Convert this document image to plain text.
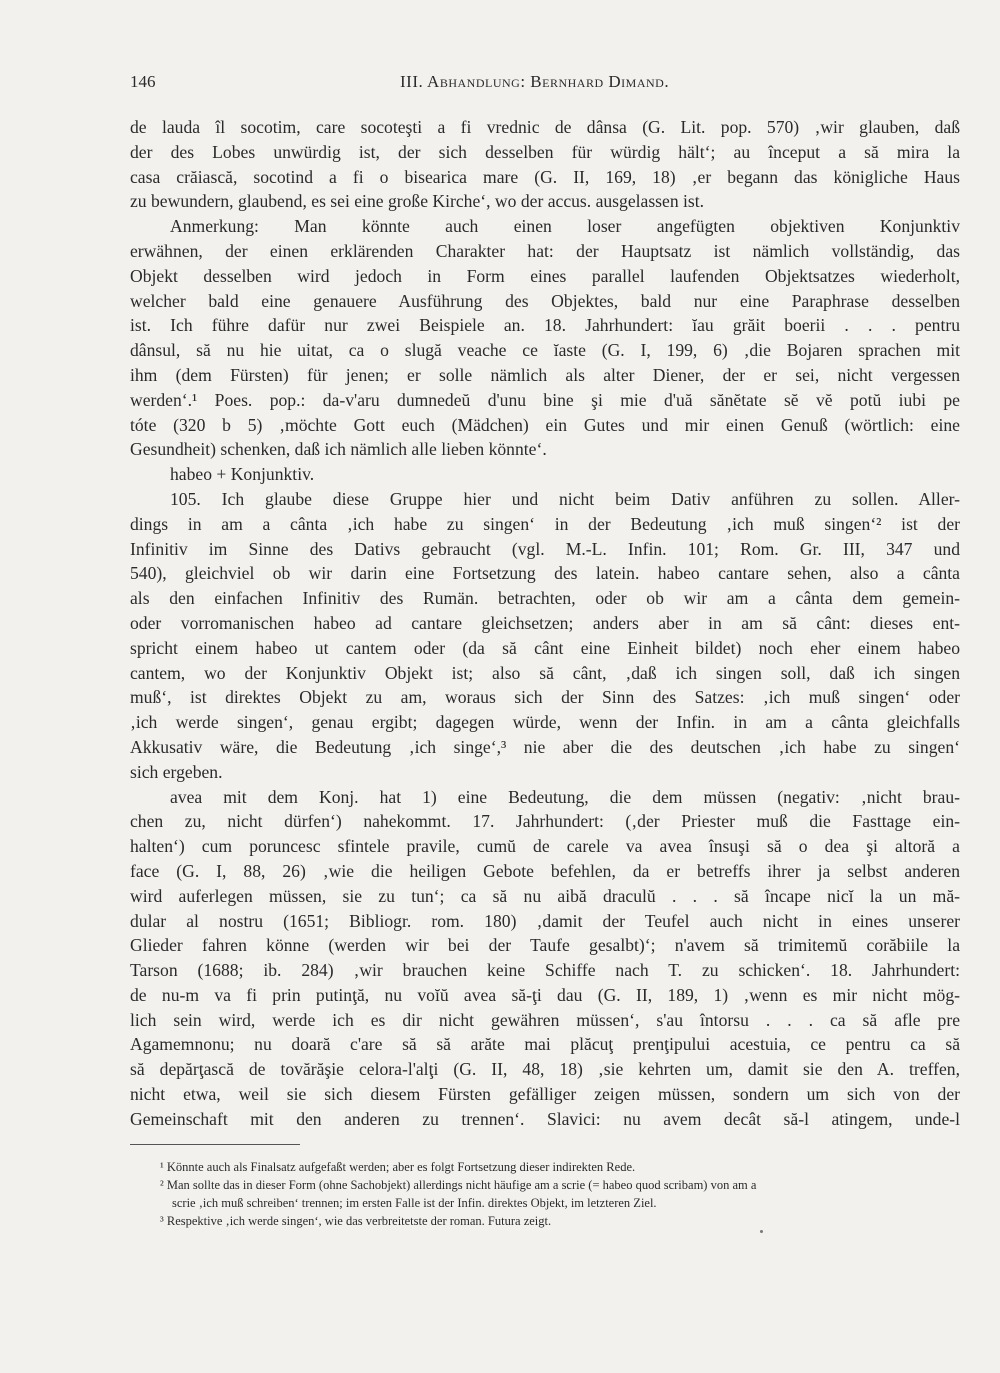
146	III. Abhandlung: Bernhard Dimand.
de lauda îl socotim, care socoteşti a fi vrednic de dânsa (G. Lit. pop. 570) ‚wir glauben, daß
der des Lobes unwürdig ist, der sich desselben für würdig hält‘; au început a să mira la
casa crăiască, socotind a fi o bisearica mare (G. II, 169, 18) ‚er begann das königliche Haus
zu bewundern, glaubend, es sei eine große Kirche‘, wo der accus. ausgelassen ist.
Anmerkung: Man könnte auch einen loser angefügten objektiven Konjunktiv
erwähnen, der einen erklärenden Charakter hat: der Hauptsatz ist nämlich vollständig, das
Objekt desselben wird jedoch in Form eines parallel laufenden Objektsatzes wiederholt,
welcher bald eine genauere Ausführung des Objektes, bald nur eine Paraphrase desselben
ist. Ich führe dafür nur zwei Beispiele an. 18. Jahrhundert: ĭau grăit boerii . . . pentru
dânsul, să nu hie uitat, ca o slugă veache ce ĭaste (G. I, 199, 6) ‚die Bojaren sprachen mit
ihm (dem Fürsten) für jenen; er solle nämlich als alter Diener, der er sei, nicht vergessen
werden‘.¹ Poes. pop.: da-v'aru dumnedeŭ d'unu bine şi mie d'uă sănĕtate sĕ vĕ potŭ iubi pe
tóte (320 b 5) ‚möchte Gott euch (Mädchen) ein Gutes und mir einen Genuß (wörtlich: eine
Gesundheit) schenken, daß ich nämlich alle lieben könnte‘.
habeo + Konjunktiv.
105. Ich glaube diese Gruppe hier und nicht beim Dativ anführen zu sollen. Aller-
dings in am a cânta ‚ich habe zu singen‘ in der Bedeutung ‚ich muß singen‘² ist der
Infinitiv im Sinne des Dativs gebraucht (vgl. M.-L. Infin. 101; Rom. Gr. III, 347 und
540), gleichviel ob wir darin eine Fortsetzung des latein. habeo cantare sehen, also a cânta
als den einfachen Infinitiv des Rumän. betrachten, oder ob wir am a cânta dem gemein-
oder vorromanischen habeo ad cantare gleichsetzen; anders aber in am să cânt: dieses ent-
spricht einem habeo ut cantem oder (da să cânt eine Einheit bildet) noch eher einem habeo
cantem, wo der Konjunktiv Objekt ist; also să cânt, ‚daß ich singen soll, daß ich singen
muß‘, ist direktes Objekt zu am, woraus sich der Sinn des Satzes: ‚ich muß singen‘ oder
‚ich werde singen‘, genau ergibt; dagegen würde, wenn der Infin. in am a cânta gleichfalls
Akkusativ wäre, die Bedeutung ‚ich singe‘,³ nie aber die des deutschen ‚ich habe zu singen‘
sich ergeben.
avea mit dem Konj. hat 1) eine Bedeutung, die dem müssen (negativ: ‚nicht brau-
chen zu, nicht dürfen‘) nahekommt. 17. Jahrhundert: (‚der Priester muß die Fasttage ein-
halten‘) cum poruncesc sfintele pravile, cumŭ de carele va avea însuşi să o dea şi altoră a
face (G. I, 88, 26) ‚wie die heiligen Gebote befehlen, da er betreffs ihrer ja selbst anderen
wird auferlegen müssen, sie zu tun‘; ca să nu aibă draculŭ . . . să încape nicĭ la un mă-
dular al nostru (1651; Bibliogr. rom. 180) ‚damit der Teufel auch nicht in eines unserer
Glieder fahren könne (werden wir bei der Taufe gesalbt)‘; n'avem să trimitemŭ corăbiile la
Tarson (1688; ib. 284) ‚wir brauchen keine Schiffe nach T. zu schicken‘. 18. Jahrhundert:
de nu-m va fi prin putinţă, nu voĭŭ avea să-ţi dau (G. II, 189, 1) ‚wenn es mir nicht mög-
lich sein wird, werde ich es dir nicht gewähren müssen‘, s'au întorsu . . . ca să afle pre
Agamemnonu; nu doară c'are să să arăte mai plăcuţ prenţipului acestuia, ce pentru ca să
să depărţască de tovărăşie celora-l'alţi (G. II, 48, 18) ‚sie kehrten um, damit sie den A. treffen,
nicht etwa, weil sie sich diesem Fürsten gefälliger zeigen müssen, sondern um sich von der
Gemeinschaft mit den anderen zu trennen‘. Slavici: nu avem decât să-l atingem, unde-l
¹ Könnte auch als Finalsatz aufgefaßt werden; aber es folgt Fortsetzung dieser indirekten Rede.
² Man sollte das in dieser Form (ohne Sachobjekt) allerdings nicht häufige am a scrie (= habeo quod scribam) von am a
scrie ‚ich muß schreiben‘ trennen; im ersten Falle ist der Infin. direktes Objekt, im letzteren Ziel.
³ Respektive ‚ich werde singen‘, wie das verbreitetste der roman. Futura zeigt.
